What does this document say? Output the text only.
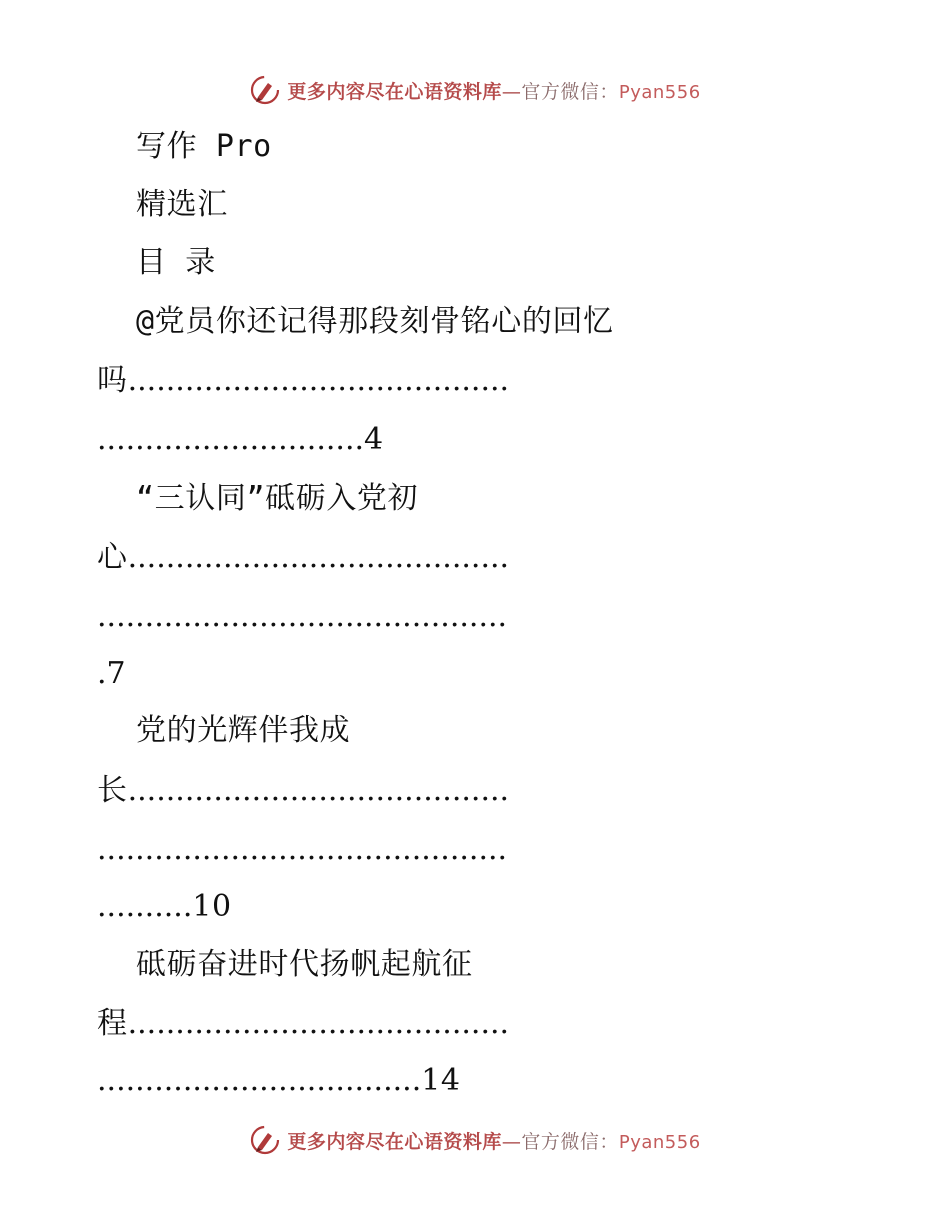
更多内容尽在心语资料库—官方微信：Pyan556
写作 Pro
精选汇
目 录
@党员你还记得那段刻骨铭心的回忆
吗........................................
............................4
“三认同”砥砺入党初
心........................................
...........................................
.7
党的光辉伴我成
长........................................
...........................................
..........10
砥砺奋进时代扬帆起航征
程........................................
..................................14
更多内容尽在心语资料库—官方微信：Pyan556
